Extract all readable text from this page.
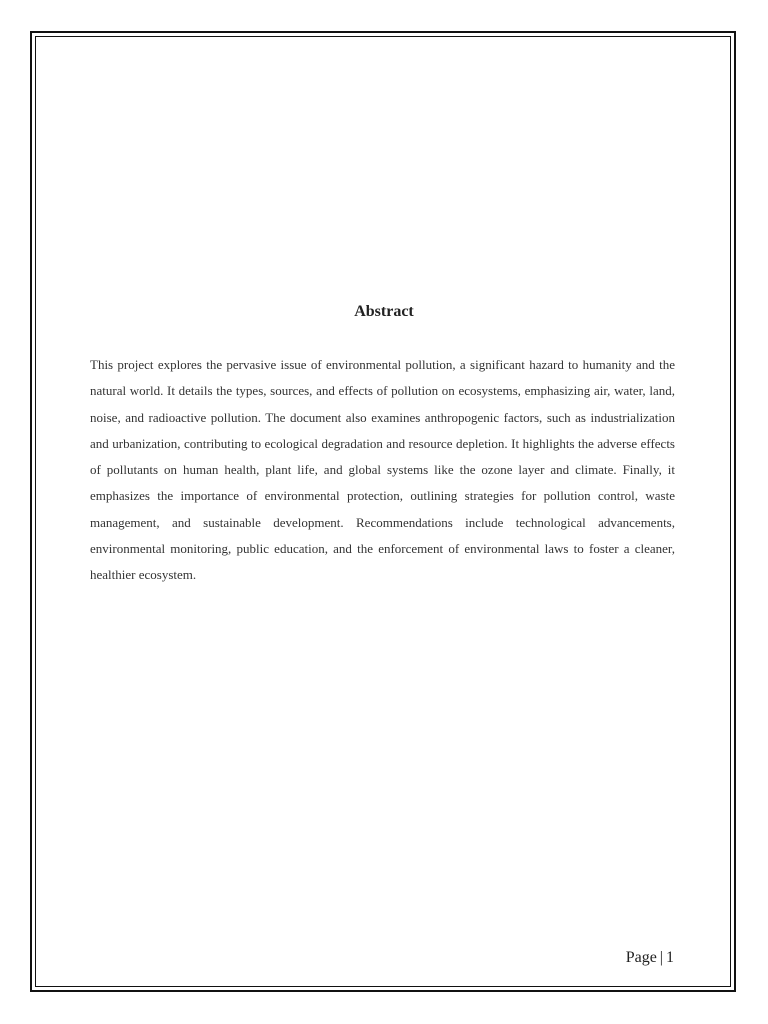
Abstract

This project explores the pervasive issue of environmental pollution, a significant hazard to humanity and the natural world. It details the types, sources, and effects of pollution on ecosystems, emphasizing air, water, land, noise, and radioactive pollution. The document also examines anthropogenic factors, such as industrialization and urbanization, contributing to ecological degradation and resource depletion. It highlights the adverse effects of pollutants on human health, plant life, and global systems like the ozone layer and climate. Finally, it emphasizes the importance of environmental protection, outlining strategies for pollution control, waste management, and sustainable development. Recommendations include technological advancements, environmental monitoring, public education, and the enforcement of environmental laws to foster a cleaner, healthier ecosystem.

Page | 1
